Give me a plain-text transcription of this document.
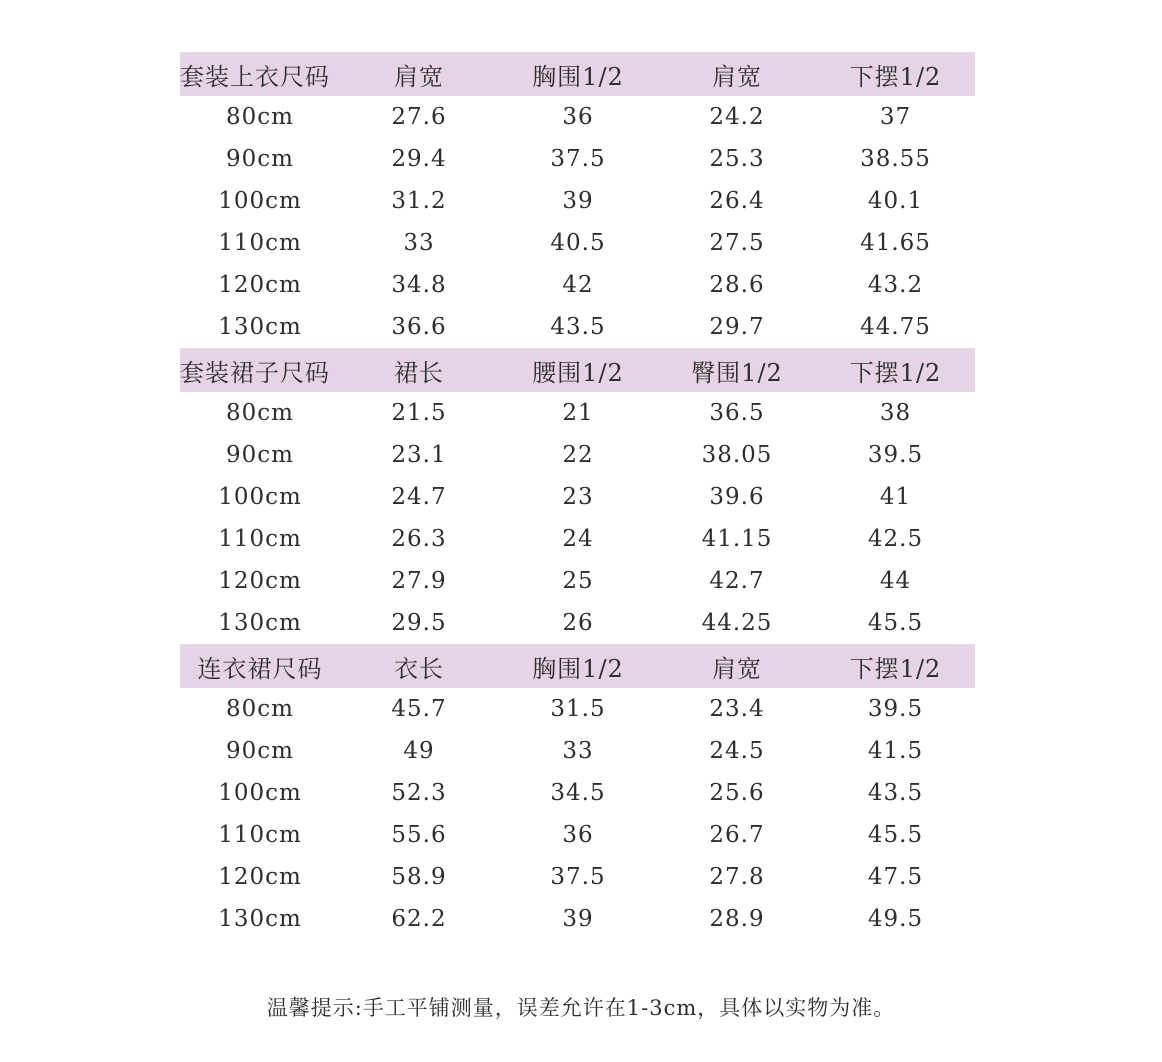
套装上衣尺码	肩宽	胸围1/2	肩宽	下摆1/2
80cm	27.6	36	24.2	37
90cm	29.4	37.5	25.3	38.55
100cm	31.2	39	26.4	40.1
110cm	33	40.5	27.5	41.65
120cm	34.8	42	28.6	43.2
130cm	36.6	43.5	29.7	44.75
套装裙子尺码	裙长	腰围1/2	臀围1/2	下摆1/2
80cm	21.5	21	36.5	38
90cm	23.1	22	38.05	39.5
100cm	24.7	23	39.6	41
110cm	26.3	24	41.15	42.5
120cm	27.9	25	42.7	44
130cm	29.5	26	44.25	45.5
连衣裙尺码	衣长	胸围1/2	肩宽	下摆1/2
80cm	45.7	31.5	23.4	39.5
90cm	49	33	24.5	41.5
100cm	52.3	34.5	25.6	43.5
110cm	55.6	36	26.7	45.5
120cm	58.9	37.5	27.8	47.5
130cm	62.2	39	28.9	49.5
温馨提示:手工平铺测量，误差允许在1-3cm，具体以实物为准。
